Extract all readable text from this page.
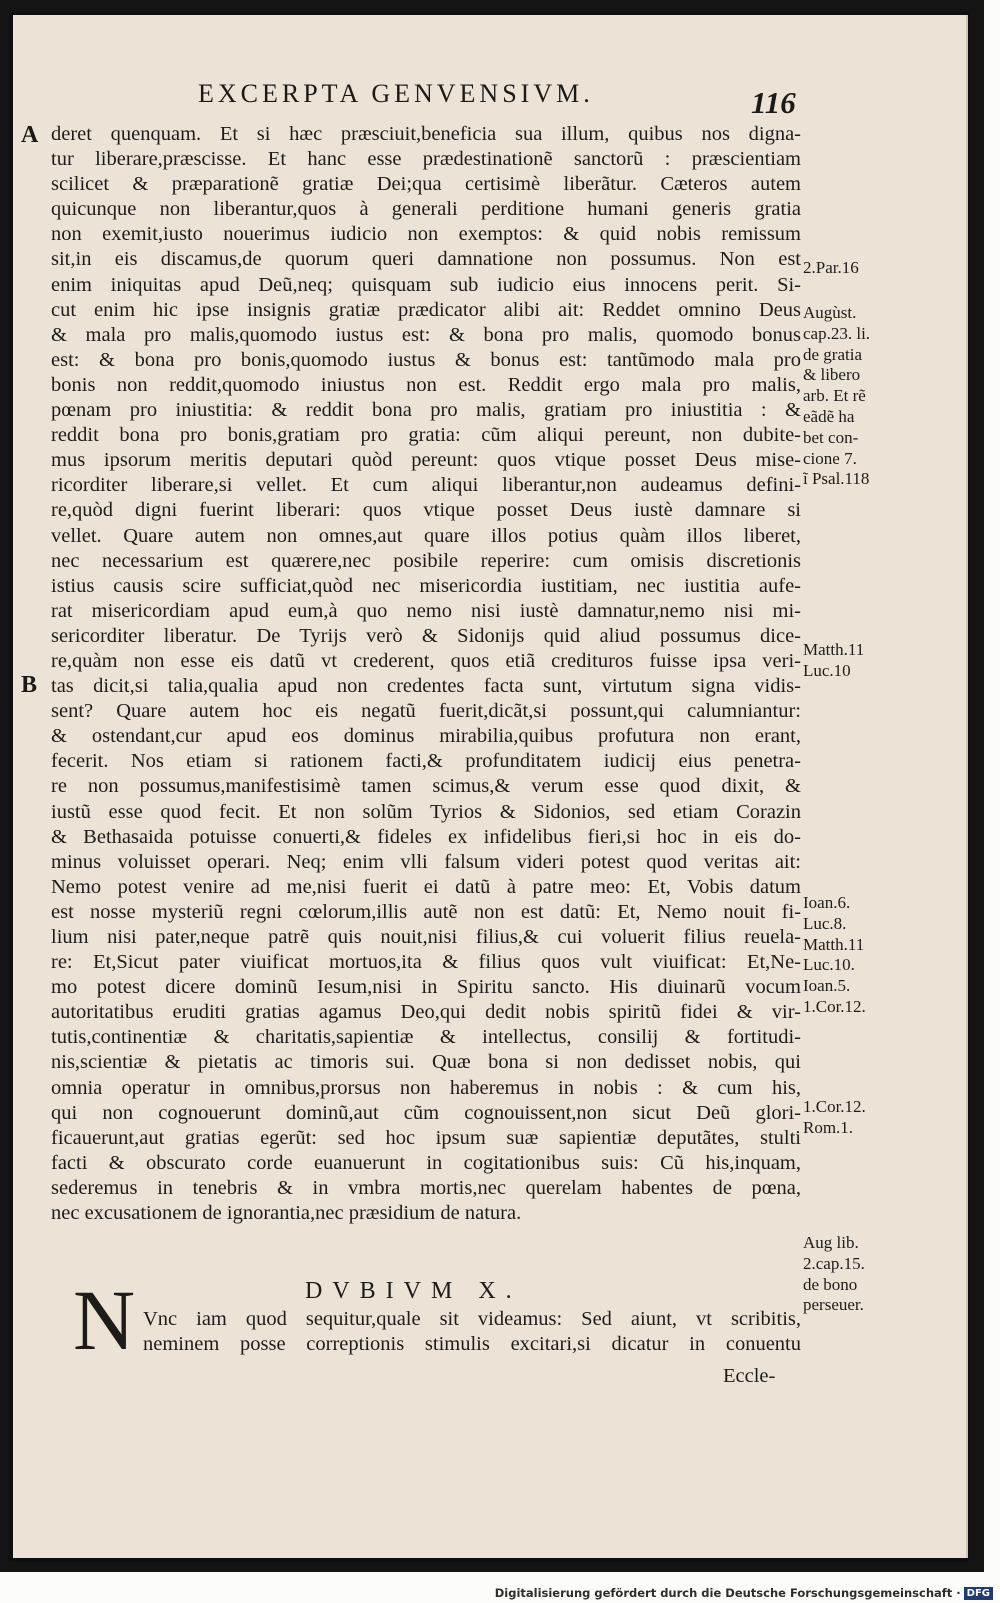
EXCERPTA GENVENSIVM.	116
A
B
deret quenquam. Et si hæc præsciuit,beneficia sua illum, quibus nos digna-
tur liberare,præscisse. Et hanc esse prædestinationẽ sanctorũ : præscientiam
scilicet & præparationẽ gratiæ Dei;qua certisimè liberãtur. Cæteros autem
quicunque non liberantur,quos à generali perditione humani generis gratia
non exemit,iusto nouerimus iudicio non exemptos: & quid nobis remissum
sit,in eis discamus,de quorum queri damnatione non possumus. Non est
enim iniquitas apud Deũ,neq; quisquam sub iudicio eius innocens perit. Si-
cut enim hic ipse insignis gratiæ prædicator alibi ait: Reddet omnino Deus
& mala pro malis,quomodo iustus est: & bona pro malis, quomodo bonus
est: & bona pro bonis,quomodo iustus & bonus est: tantũmodo mala pro
bonis non reddit,quomodo iniustus non est. Reddit ergo mala pro malis,
pœnam pro iniustitia: & reddit bona pro malis, gratiam pro iniustitia : &
reddit bona pro bonis,gratiam pro gratia: cũm aliqui pereunt, non dubite-
mus ipsorum meritis deputari quòd pereunt: quos vtique posset Deus mise-
ricorditer liberare,si vellet. Et cum aliqui liberantur,non audeamus defini-
re,quòd digni fuerint liberari: quos vtique posset Deus iustè damnare si
vellet. Quare autem non omnes,aut quare illos potius quàm illos liberet,
nec necessarium est quærere,nec posibile reperire: cum omisis discretionis
istius causis scire sufficiat,quòd nec misericordia iustitiam, nec iustitia aufe-
rat misericordiam apud eum,à quo nemo nisi iustè damnatur,nemo nisi mi-
sericorditer liberatur. De Tyrijs verò & Sidonijs quid aliud possumus dice-
re,quàm non esse eis datũ vt crederent, quos etiã credituros fuisse ipsa veri-
tas dicit,si talia,qualia apud non credentes facta sunt, virtutum signa vidis-
sent? Quare autem hoc eis negatũ fuerit,dicãt,si possunt,qui calumniantur:
& ostendant,cur apud eos dominus mirabilia,quibus profutura non erant,
fecerit. Nos etiam si rationem facti,& profunditatem iudicij eius penetra-
re non possumus,manifestisimè tamen scimus,& verum esse quod dixit, &
iustũ esse quod fecit. Et non solũm Tyrios & Sidonios, sed etiam Corazin
& Bethasaida potuisse conuerti,& fideles ex infidelibus fieri,si hoc in eis do-
minus voluisset operari. Neq; enim vlli falsum videri potest quod veritas ait:
Nemo potest venire ad me,nisi fuerit ei datũ à patre meo: Et, Vobis datum
est nosse mysteriũ regni cœlorum,illis autẽ non est datũ: Et, Nemo nouit fi-
lium nisi pater,neque patrẽ quis nouit,nisi filius,& cui voluerit filius reuela-
re: Et,Sicut pater viuificat mortuos,ita & filius quos vult viuificat: Et,Ne-
mo potest dicere dominũ Iesum,nisi in Spiritu sancto. His diuinarũ vocum
autoritatibus eruditi gratias agamus Deo,qui dedit nobis spiritũ fidei & vir-
tutis,continentiæ & charitatis,sapientiæ & intellectus, consilij & fortitudi-
nis,scientiæ & pietatis ac timoris sui. Quæ bona si non dedisset nobis, qui
omnia operatur in omnibus,prorsus non haberemus in nobis : & cum his,
qui non cognouerunt dominũ,aut cũm cognouissent,non sicut Deũ glori-
ficauerunt,aut gratias egerũt: sed hoc ipsum suæ sapientiæ deputãtes, stulti
facti & obscurato corde euanuerunt in cogitationibus suis: Cũ his,inquam,
sederemus in tenebris & in vmbra mortis,nec querelam habentes de pœna,
nec excusationem de ignorantia,nec præsidium de natura.
N	DVBIVM X.
Vnc iam quod sequitur,quale sit videamus: Sed aiunt, vt scribitis,
neminem posse correptionis stimulis excitari,si dicatur in conuentu
Eccle-
2.Par.16
Augùst.
cap.23. li.
de gratia
& libero
arb. Et rẽ
eãdẽ ha
bet con-
cione 7.
ĩ Psal.118
Matth.11
Luc.10
Ioan.6.
Luc.8.
Matth.11
Luc.10.
Ioan.5.
1.Cor.12.
1.Cor.12.
Rom.1.
Aug lib.
2.cap.15.
de bono
perseuer.
Digitalisierung gefördert durch die Deutsche Forschungsgemeinschaft · DFG
